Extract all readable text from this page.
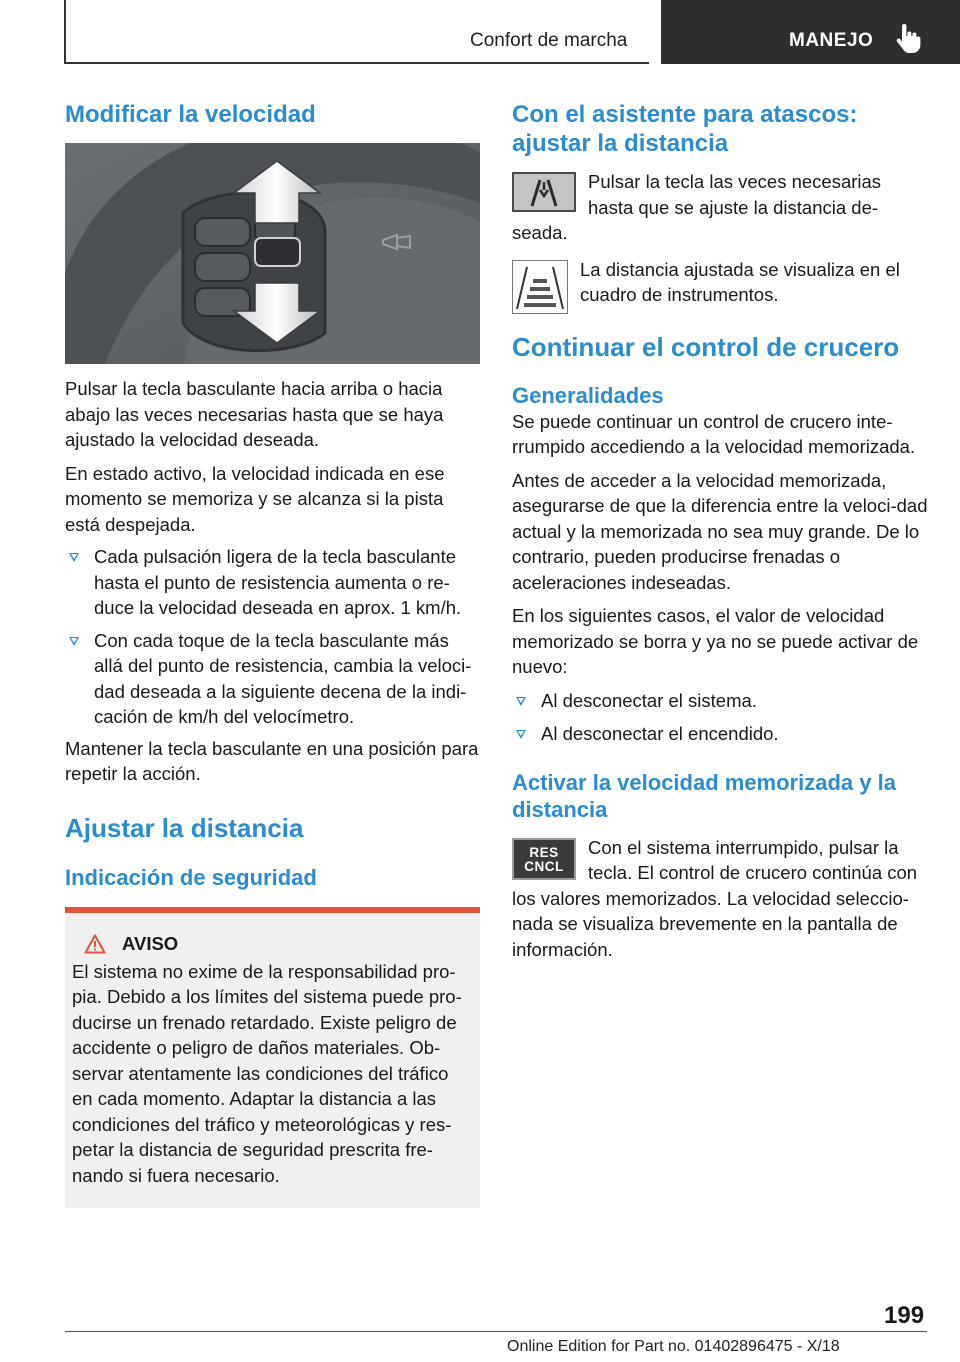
Confort de marcha	MANEJO
Modificar la velocidad

Pulsar la tecla basculante hacia arriba o hacia abajo las veces necesarias hasta que se haya ajustado la velocidad deseada.

En estado activo, la velocidad indicada en ese momento se memoriza y se alcanza si la pista está despejada.

Cada pulsación ligera de la tecla basculante hasta el punto de resistencia aumenta o re-duce la velocidad deseada en aprox. 1 km/h.
Con cada toque de la tecla basculante más allá del punto de resistencia, cambia la veloci-dad deseada a la siguiente decena de la indi-cación de km/h del velocímetro.

Mantener la tecla basculante en una posición para repetir la acción.

Ajustar la distancia
Indicación de seguridad
AVISO

El sistema no exime de la responsabilidad pro-pia. Debido a los límites del sistema puede pro-ducirse un frenado retardado. Existe peligro de accidente o peligro de daños materiales. Ob-servar atentamente las condiciones del tráfico en cada momento. Adaptar la distancia a las condiciones del tráfico y meteorológicas y res-petar la distancia de seguridad prescrita fre-nando si fuera necesario.

Con el asistente para atascos: ajustar la distancia

Pulsar la tecla las veces necesarias hasta que se ajuste la distancia de-seada.

La distancia ajustada se visualiza en el cuadro de instrumentos.

Continuar el control de crucero
Generalidades

Se puede continuar un control de crucero inte-rrumpido accediendo a la velocidad memorizada.

Antes de acceder a la velocidad memorizada, asegurarse de que la diferencia entre la veloci-dad actual y la memorizada no sea muy grande. De lo contrario, pueden producirse frenadas o aceleraciones indeseadas.

En los siguientes casos, el valor de velocidad memorizado se borra y ya no se puede activar de nuevo:

Al desconectar el sistema.
Al desconectar el encendido.
Activar la velocidad memorizada y la distancia
RES
CNCL

Con el sistema interrumpido, pulsar la tecla. El control de crucero continúa con los valores memorizados. La velocidad seleccio-nada se visualiza brevemente en la pantalla de información.

199
Online Edition for Part no. 01402896475 - X/18
